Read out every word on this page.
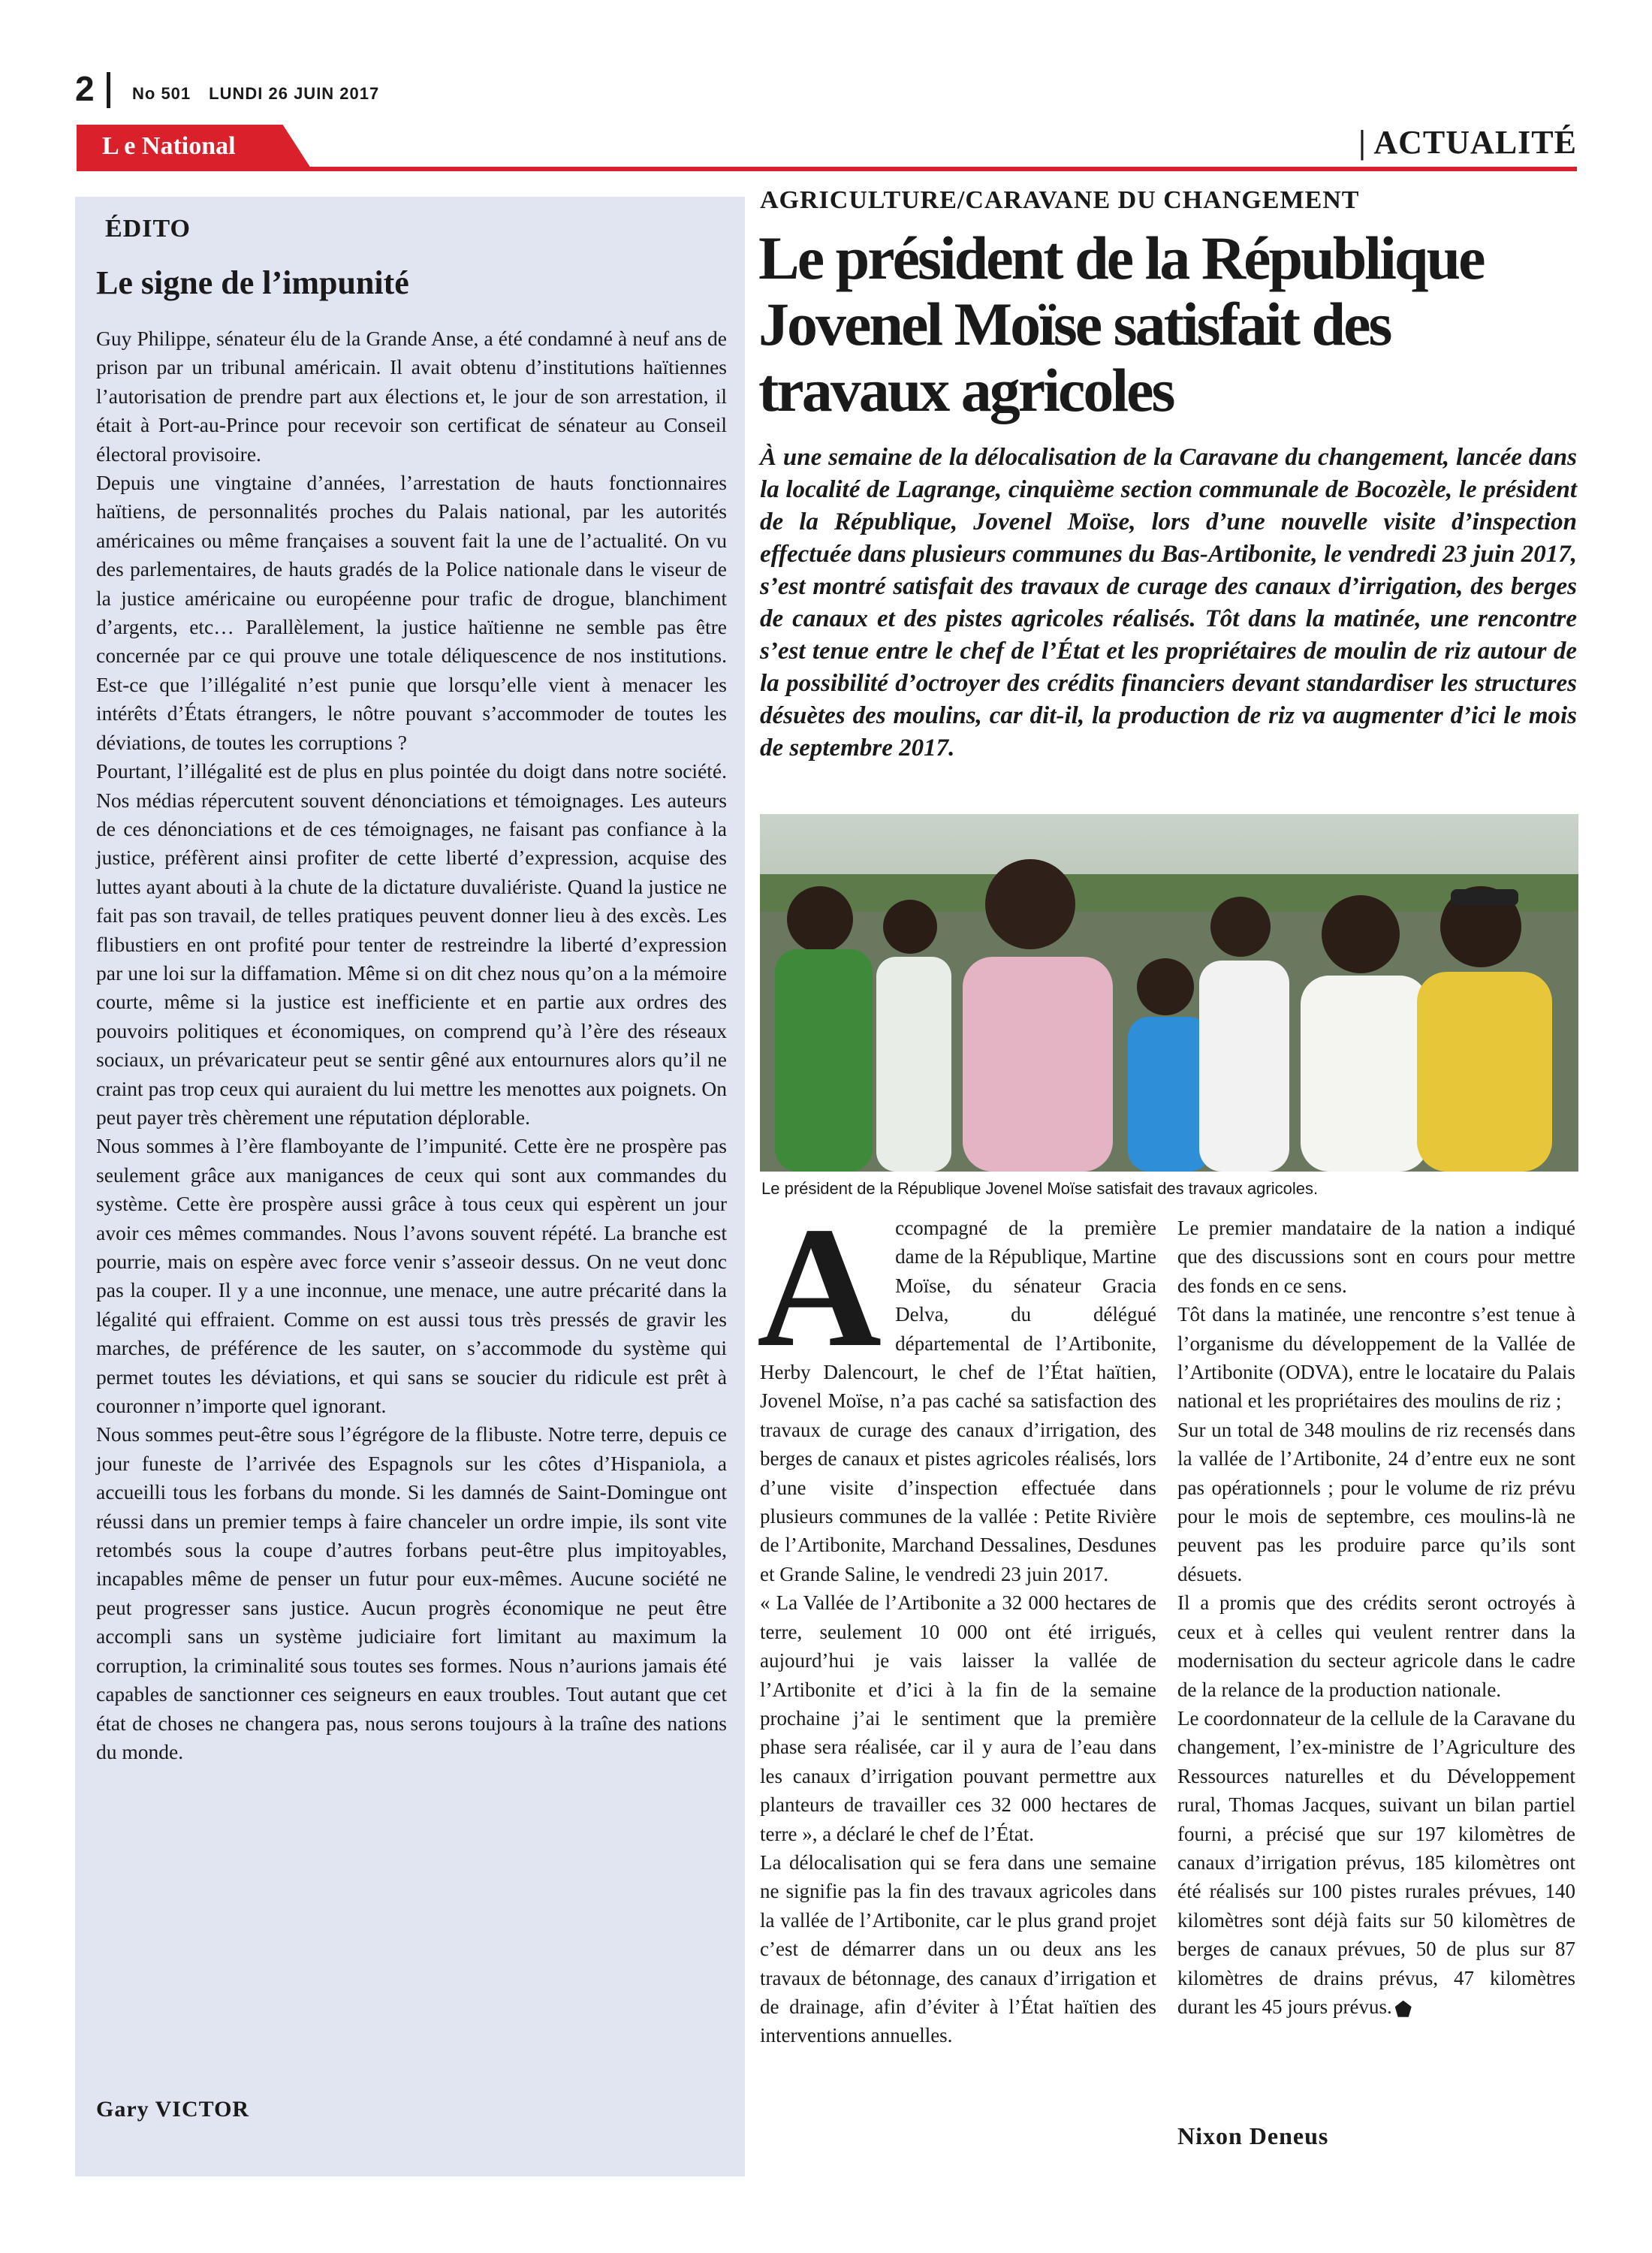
2 No 501 LUNDI 26 JUIN 2017
L e National	| ACTUALITÉ
ÉDITO
Le signe de l’impunité

Guy Philippe, sénateur élu de la Grande Anse, a été condamné à neuf ans de prison par un tribunal américain. Il avait obtenu d’institutions haïtiennes l’autorisation de prendre part aux élections et, le jour de son arrestation, il était à Port-au-Prince pour recevoir son certificat de sénateur au Conseil électoral provisoire.

Depuis une vingtaine d’années, l’arrestation de hauts fonctionnaires haïtiens, de personnalités proches du Palais national, par les autorités américaines ou même françaises a souvent fait la une de l’actualité. On vu des parlementaires, de hauts gradés de la Police nationale dans le viseur de la justice américaine ou européenne pour trafic de drogue, blanchiment d’argents, etc… Parallèlement, la justice haïtienne ne semble pas être concernée par ce qui prouve une totale déliquescence de nos institutions. Est-ce que l’illégalité n’est punie que lorsqu’elle vient à menacer les intérêts d’États étrangers, le nôtre pouvant s’accommoder de toutes les déviations, de toutes les corruptions ?

Pourtant, l’illégalité est de plus en plus pointée du doigt dans notre société. Nos médias répercutent souvent dénonciations et témoignages. Les auteurs de ces dénonciations et de ces témoignages, ne faisant pas confiance à la justice, préfèrent ainsi profiter de cette liberté d’expression, acquise des luttes ayant abouti à la chute de la dictature duvaliériste. Quand la justice ne fait pas son travail, de telles pratiques peuvent donner lieu à des excès. Les flibustiers en ont profité pour tenter de restreindre la liberté d’expression par une loi sur la diffamation. Même si on dit chez nous qu’on a la mémoire courte, même si la justice est inefficiente et en partie aux ordres des pouvoirs politiques et économiques, on comprend qu’à l’ère des réseaux sociaux, un prévaricateur peut se sentir gêné aux entournures alors qu’il ne craint pas trop ceux qui auraient du lui mettre les menottes aux poignets. On peut payer très chèrement une réputation déplorable.

Nous sommes à l’ère flamboyante de l’impunité. Cette ère ne prospère pas seulement grâce aux manigances de ceux qui sont aux commandes du système. Cette ère prospère aussi grâce à tous ceux qui espèrent un jour avoir ces mêmes commandes. Nous l’avons souvent répété. La branche est pourrie, mais on espère avec force venir s’asseoir dessus. On ne veut donc pas la couper. Il y a une inconnue, une menace, une autre précarité dans la légalité qui effraient. Comme on est aussi tous très pressés de gravir les marches, de préférence de les sauter, on s’accommode du système qui permet toutes les déviations, et qui sans se soucier du ridicule est prêt à couronner n’importe quel ignorant.

Nous sommes peut-être sous l’égrégore de la flibuste. Notre terre, depuis ce jour funeste de l’arrivée des Espagnols sur les côtes d’Hispaniola, a accueilli tous les forbans du monde. Si les damnés de Saint-Domingue ont réussi dans un premier temps à faire chanceler un ordre impie, ils sont vite retombés sous la coupe d’autres forbans peut-être plus impitoyables, incapables même de penser un futur pour eux-mêmes. Aucune société ne peut progresser sans justice. Aucun progrès économique ne peut être accompli sans un système judiciaire fort limitant au maximum la corruption, la criminalité sous toutes ses formes. Nous n’aurions jamais été capables de sanctionner ces seigneurs en eaux troubles. Tout autant que cet état de choses ne changera pas, nous serons toujours à la traîne des nations du monde.

Gary VICTOR
AGRICULTURE/CARAVANE DU CHANGEMENT
Le président de la République Jovenel Moïse satisfait des travaux agricoles
À une semaine de la délocalisation de la Caravane du changement, lancée dans la localité de Lagrange, cinquième section communale de Bocozèle, le président de la République, Jovenel Moïse, lors d’une nouvelle visite d’inspection effectuée dans plusieurs communes du Bas-Artibonite, le vendredi 23 juin 2017, s’est montré satisfait des travaux de curage des canaux d’irrigation, des berges de canaux et des pistes agricoles réalisés. Tôt dans la matinée, une rencontre s’est tenue entre le chef de l’État et les propriétaires de moulin de riz autour de la possibilité d’octroyer des crédits financiers devant standardiser les structures désuètes des moulins, car dit-il, la production de riz va augmenter d’ici le mois de septembre 2017.
Le président de la République Jovenel Moïse satisfait des travaux agricoles.
A ccompagné de la première dame de la République, Martine Moïse, du sénateur Gracia Delva, du délégué départemental de l’Artibonite, Herby Dalencourt, le chef de l’État haïtien, Jovenel Moïse, n’a pas caché sa satisfaction des travaux de curage des canaux d’irrigation, des berges de canaux et pistes agricoles réalisés, lors d’une visite d’inspection effectuée dans plusieurs communes de la vallée : Petite Rivière de l’Artibonite, Marchand Dessalines, Desdunes et Grande Saline, le vendredi 23 juin 2017.

« La Vallée de l’Artibonite a 32 000 hectares de terre, seulement 10 000 ont été irrigués, aujourd’hui je vais laisser la vallée de l’Artibonite et d’ici à la fin de la semaine prochaine j’ai le sentiment que la première phase sera réalisée, car il y aura de l’eau dans les canaux d’irrigation pouvant permettre aux planteurs de travailler ces 32 000 hectares de terre », a déclaré le chef de l’État.

La délocalisation qui se fera dans une semaine ne signifie pas la fin des travaux agricoles dans la vallée de l’Artibonite, car le plus grand projet c’est de démarrer dans un ou deux ans les travaux de bétonnage, des canaux d’irrigation et de drainage, afin d’éviter à l’État haïtien des interventions annuelles.

Le premier mandataire de la nation a indiqué que des discussions sont en cours pour mettre des fonds en ce sens.

Tôt dans la matinée, une rencontre s’est tenue à l’organisme du développement de la Vallée de l’Artibonite (ODVA), entre le locataire du Palais national et les propriétaires des moulins de riz ;

Sur un total de 348 moulins de riz recensés dans la vallée de l’Artibonite, 24 d’entre eux ne sont pas opérationnels ; pour le volume de riz prévu pour le mois de septembre, ces moulins-là ne peuvent pas les produire parce qu’ils sont désuets.

Il a promis que des crédits seront octroyés à ceux et à celles qui veulent rentrer dans la modernisation du secteur agricole dans le cadre de la relance de la production nationale.

Le coordonnateur de la cellule de la Caravane du changement, l’ex-ministre de l’Agriculture des Ressources naturelles et du Développement rural, Thomas Jacques, suivant un bilan partiel fourni, a précisé que sur 197 kilomètres de canaux d’irrigation prévus, 185 kilomètres ont été réalisés sur 100 pistes rurales prévues, 140 kilomètres sont déjà faits sur 50 kilomètres de berges de canaux prévues, 50 de plus sur 87 kilomètres de drains prévus, 47 kilomètres durant les 45 jours prévus.

Nixon Deneus
